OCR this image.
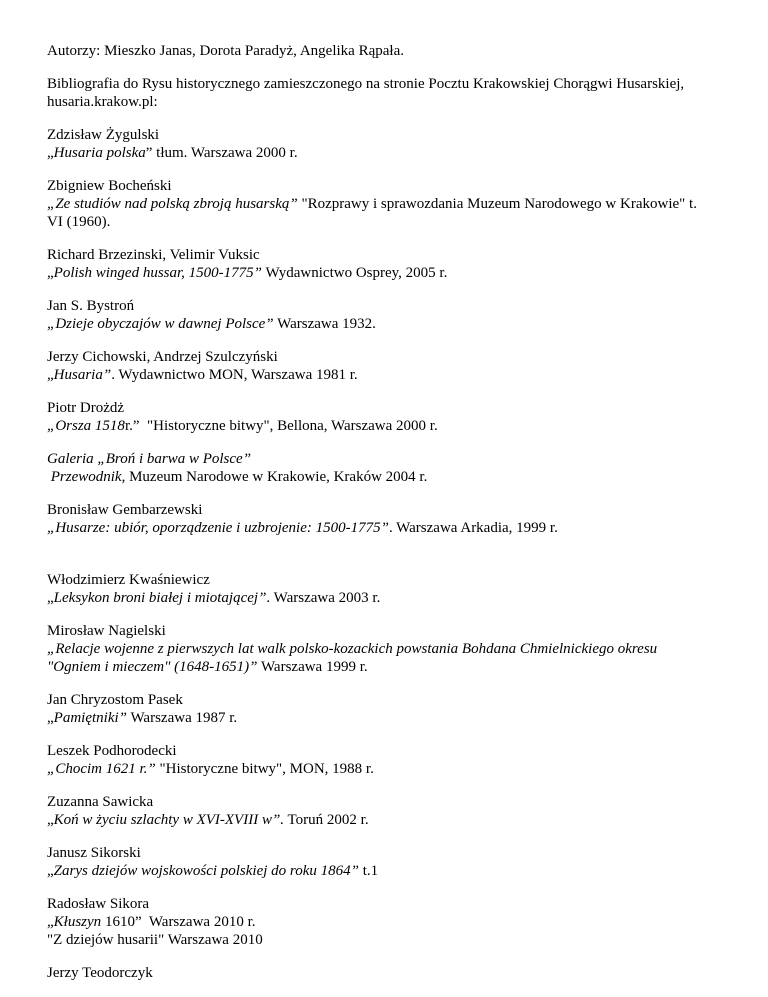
Autorzy: Mieszko Janas, Dorota Paradyż, Angelika Rąpała.

Bibliografia do Rysu historycznego zamieszczonego na stronie Pocztu Krakowskiej Chorągwi Husarskiej,
husaria.krakow.pl:

Zdzisław Żygulski
„Husaria polska” tłum. Warszawa 2000 r.

Zbigniew Bocheński
„Ze studiów nad polską zbroją husarską” "Rozprawy i sprawozdania Muzeum Narodowego w Krakowie" t.
VI (1960).

Richard Brzezinski, Velimir Vuksic
„Polish winged hussar, 1500-1775” Wydawnictwo Osprey, 2005 r.

Jan S. Bystroń
„Dzieje obyczajów w dawnej Polsce” Warszawa 1932.

Jerzy Cichowski, Andrzej Szulczyński
„Husaria”. Wydawnictwo MON, Warszawa 1981 r.

Piotr Drożdż
„Orsza 1518r.”  "Historyczne bitwy", Bellona, Warszawa 2000 r.

Galeria „Broń i barwa w Polsce”
Przewodnik, Muzeum Narodowe w Krakowie, Kraków 2004 r.

Bronisław Gembarzewski
„Husarze: ubiór, oporządzenie i uzbrojenie: 1500-1775”. Warszawa Arkadia, 1999 r.

Włodzimierz Kwaśniewicz
„Leksykon broni białej i miotającej”. Warszawa 2003 r.

Mirosław Nagielski
„Relacje wojenne z pierwszych lat walk polsko-kozackich powstania Bohdana Chmielnickiego okresu
"Ogniem i mieczem" (1648-1651)” Warszawa 1999 r.

Jan Chryzostom Pasek
„Pamiętniki” Warszawa 1987 r.

Leszek Podhorodecki
„Chocim 1621 r.” "Historyczne bitwy", MON, 1988 r.

Zuzanna Sawicka
„Koń w życiu szlachty w XVI-XVIII w”. Toruń 2002 r.

Janusz Sikorski
„Zarys dziejów wojskowości polskiej do roku 1864” t.1

Radosław Sikora
„Kłuszyn 1610”  Warszawa 2010 r.
"Z dziejów husarii" Warszawa 2010

Jerzy Teodorczyk
